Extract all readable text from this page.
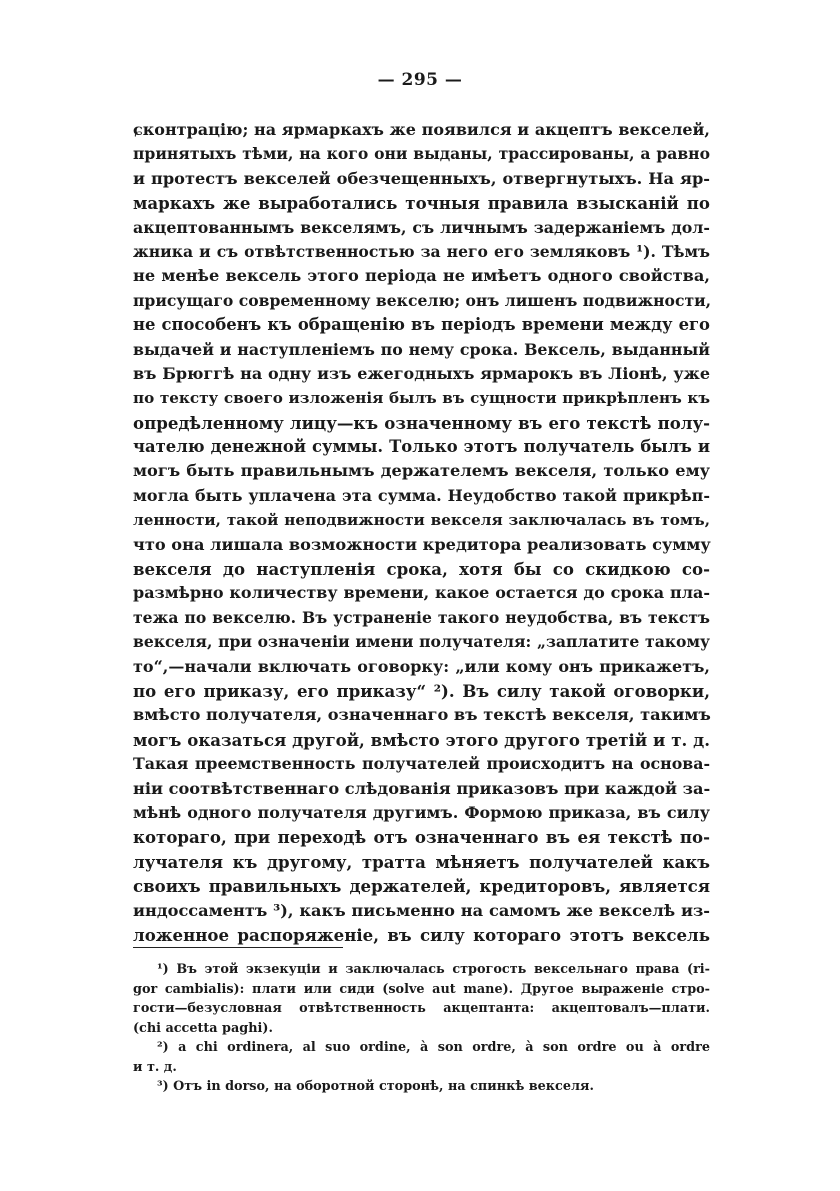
— 295 —
ɕконтрацію; на ярмаркахъ же появился и акцептъ векселей,
принятыхъ тѣми, на кого они выданы, трассированы, а равно
и протестъ векселей обезчещенныхъ, отвергнутыхъ. На яр-
маркахъ же выработались точныя правила взысканій по
акцептованнымъ векселямъ, съ личнымъ задержаніемъ дол-
жника и съ отвѣтственностью за него его земляковъ ¹). Тѣмъ
не менѣе вексель этого періода не имѣетъ одного свойства,
присущаго современному векселю; онъ лишенъ подвижности,
не способенъ къ обращенію въ періодъ времени между его
выдачей и наступленіемъ по нему срока. Вексель, выданный
въ Брюггѣ на одну изъ ежегодныхъ ярмарокъ въ Ліонѣ, уже
по тексту своего изложенія былъ въ сущности прикрѣпленъ къ
опредѣленному лицу—къ означенному въ его текстѣ полу-
чателю денежной суммы. Только этотъ получатель былъ и
могъ быть правильнымъ держателемъ векселя, только ему
могла быть уплачена эта сумма. Неудобство такой прикрѣп-
ленности, такой неподвижности векселя заключалась въ томъ,
что она лишала возможности кредитора реализовать сумму
векселя до наступленія срока, хотя бы со скидкою со-
размѣрно количеству времени, какое остается до срока пла-
тежа по векселю. Въ устраненіе такого неудобства, въ текстъ
векселя, при означеніи имени получателя: „заплатите такому
то“,—начали включать оговорку: „или кому онъ прикажетъ,
по его приказу, его приказу“ ²). Въ силу такой оговорки,
вмѣсто получателя, означеннаго въ текстѣ векселя, такимъ
могъ оказаться другой, вмѣсто этого другого третій и т. д.
Такая преемственность получателей происходитъ на основа-
ніи соотвѣтственнаго слѣдованія приказовъ при каждой за-
мѣнѣ одного получателя другимъ. Формою приказа, въ силу
котораго, при переходѣ отъ означеннаго въ ея текстѣ по-
лучателя къ другому, тратта мѣняетъ получателей какъ
своихъ правильныхъ держателей, кредиторовъ, является
индоссаментъ ³), какъ письменно на самомъ же векселѣ из-
ложенное распоряженіе, въ силу котораго этотъ вексель
¹) Въ этой экзекуціи и заключалась строгость вексельнаго права (ri-
gor cambialis): плати или сиди (solve aut mane). Другое выраженіе стро-
гости—безусловная отвѣтственность акцептанта: акцептовалъ—плати.
(chi accetta paghi).
²) a chi ordinera, al suo ordine, à son ordre, à son ordre ou à ordre
и т. д.
³) Отъ in dorso, на оборотной сторонѣ, на спинкѣ векселя.
